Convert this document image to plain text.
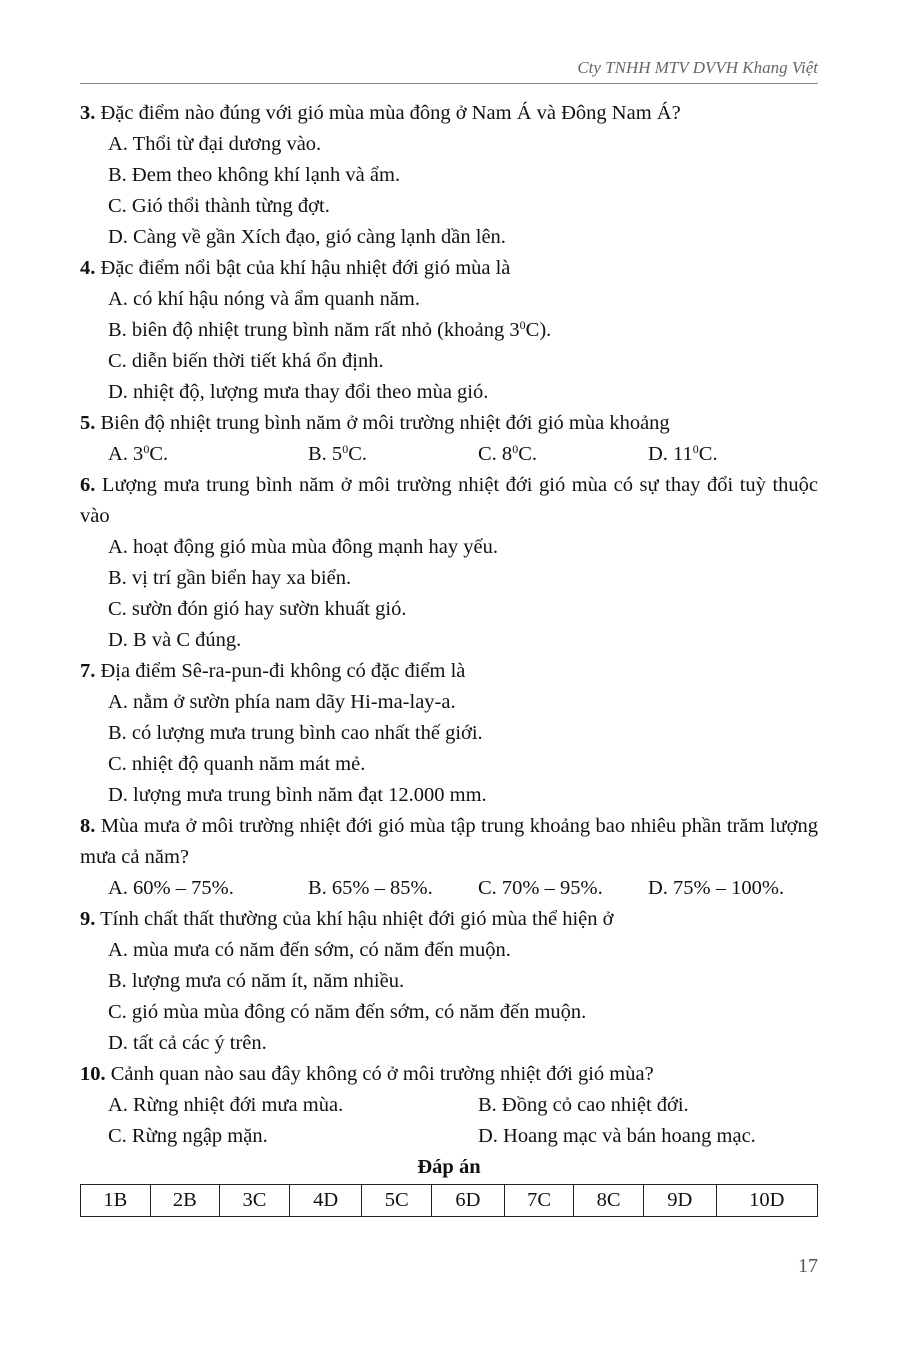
Cty TNHH MTV DVVH Khang Việt
3. Đặc điểm nào đúng với gió mùa mùa đông ở Nam Á và Đông Nam Á?
A. Thổi từ đại dương vào.
B. Đem theo không khí lạnh và ẩm.
C. Gió thổi thành từng đợt.
D. Càng về gần Xích đạo, gió càng lạnh dần lên.
4. Đặc điểm nổi bật của khí hậu nhiệt đới gió mùa là
A. có khí hậu nóng và ẩm quanh năm.
B. biên độ nhiệt trung bình năm rất nhỏ (khoảng $3^0C$).
C. diễn biến thời tiết khá ổn định.
D. nhiệt độ, lượng mưa thay đổi theo mùa gió.
5. Biên độ nhiệt trung bình năm ở môi trường nhiệt đới gió mùa khoảng
A. $3^0C$.	B. $5^0C$.	C. $8^0C$.	D. $11^0C$.
6. Lượng mưa trung bình năm ở môi trường nhiệt đới gió mùa có sự thay đổi tuỳ thuộc vào
A. hoạt động gió mùa mùa đông mạnh hay yếu.
B. vị trí gần biển hay xa biển.
C. sườn đón gió hay sườn khuất gió.
D. B và C đúng.
7. Địa điểm Sê-ra-pun-đi không có đặc điểm là
A. nằm ở sườn phía nam dãy Hi-ma-lay-a.
B. có lượng mưa trung bình cao nhất thế giới.
C. nhiệt độ quanh năm mát mẻ.
D. lượng mưa trung bình năm đạt 12.000 mm.
8. Mùa mưa ở môi trường nhiệt đới gió mùa tập trung khoảng bao nhiêu phần trăm lượng mưa cả năm?
A. 60% – 75%.	B. 65% – 85%.	C. 70% – 95%.	D. 75% – 100%.
9. Tính chất thất thường của khí hậu nhiệt đới gió mùa thể hiện ở
A. mùa mưa có năm đến sớm, có năm đến muộn.
B. lượng mưa có năm ít, năm nhiều.
C. gió mùa mùa đông có năm đến sớm, có năm đến muộn.
D. tất cả các ý trên.
10. Cảnh quan nào sau đây không có ở môi trường nhiệt đới gió mùa?
A. Rừng nhiệt đới mưa mùa.	B. Đồng cỏ cao nhiệt đới.
C. Rừng ngập mặn.	D. Hoang mạc và bán hoang mạc.
Đáp án
1B	2B	3C	4D	5C	6D	7C	8C	9D	10D
17
